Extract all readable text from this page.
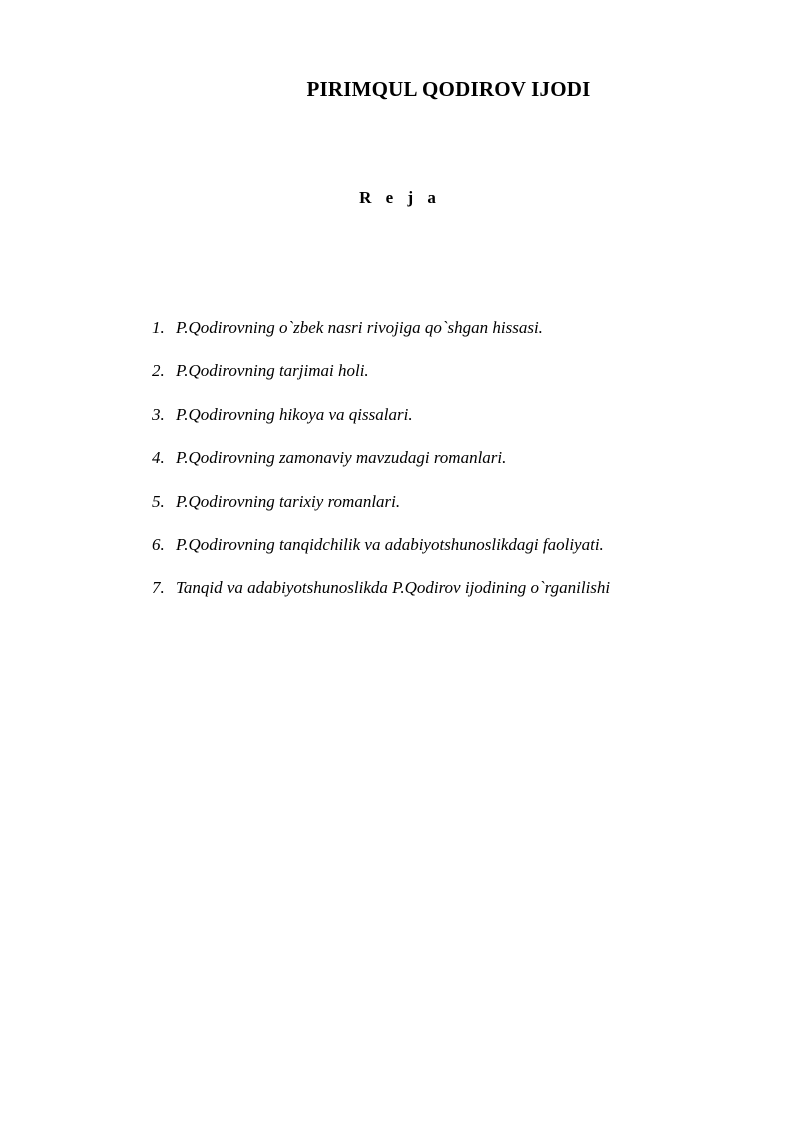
PIRIMQUL QODIROV IJODI
R e j a
1. P.Qodirovning o`zbek nasri rivojiga qo`shgan hissasi.
2. P.Qodirovning tarjimai holi.
3. P.Qodirovning hikoya va qissalari.
4. P.Qodirovning zamonaviy mavzudagi romanlari.
5. P.Qodirovning tarixiy romanlari.
6. P.Qodirovning tanqidchilik va adabiyotshunoslikdagi faoliyati.
7. Tanqid va adabiyotshunoslikda P.Qodirov ijodining o`rganilishi
